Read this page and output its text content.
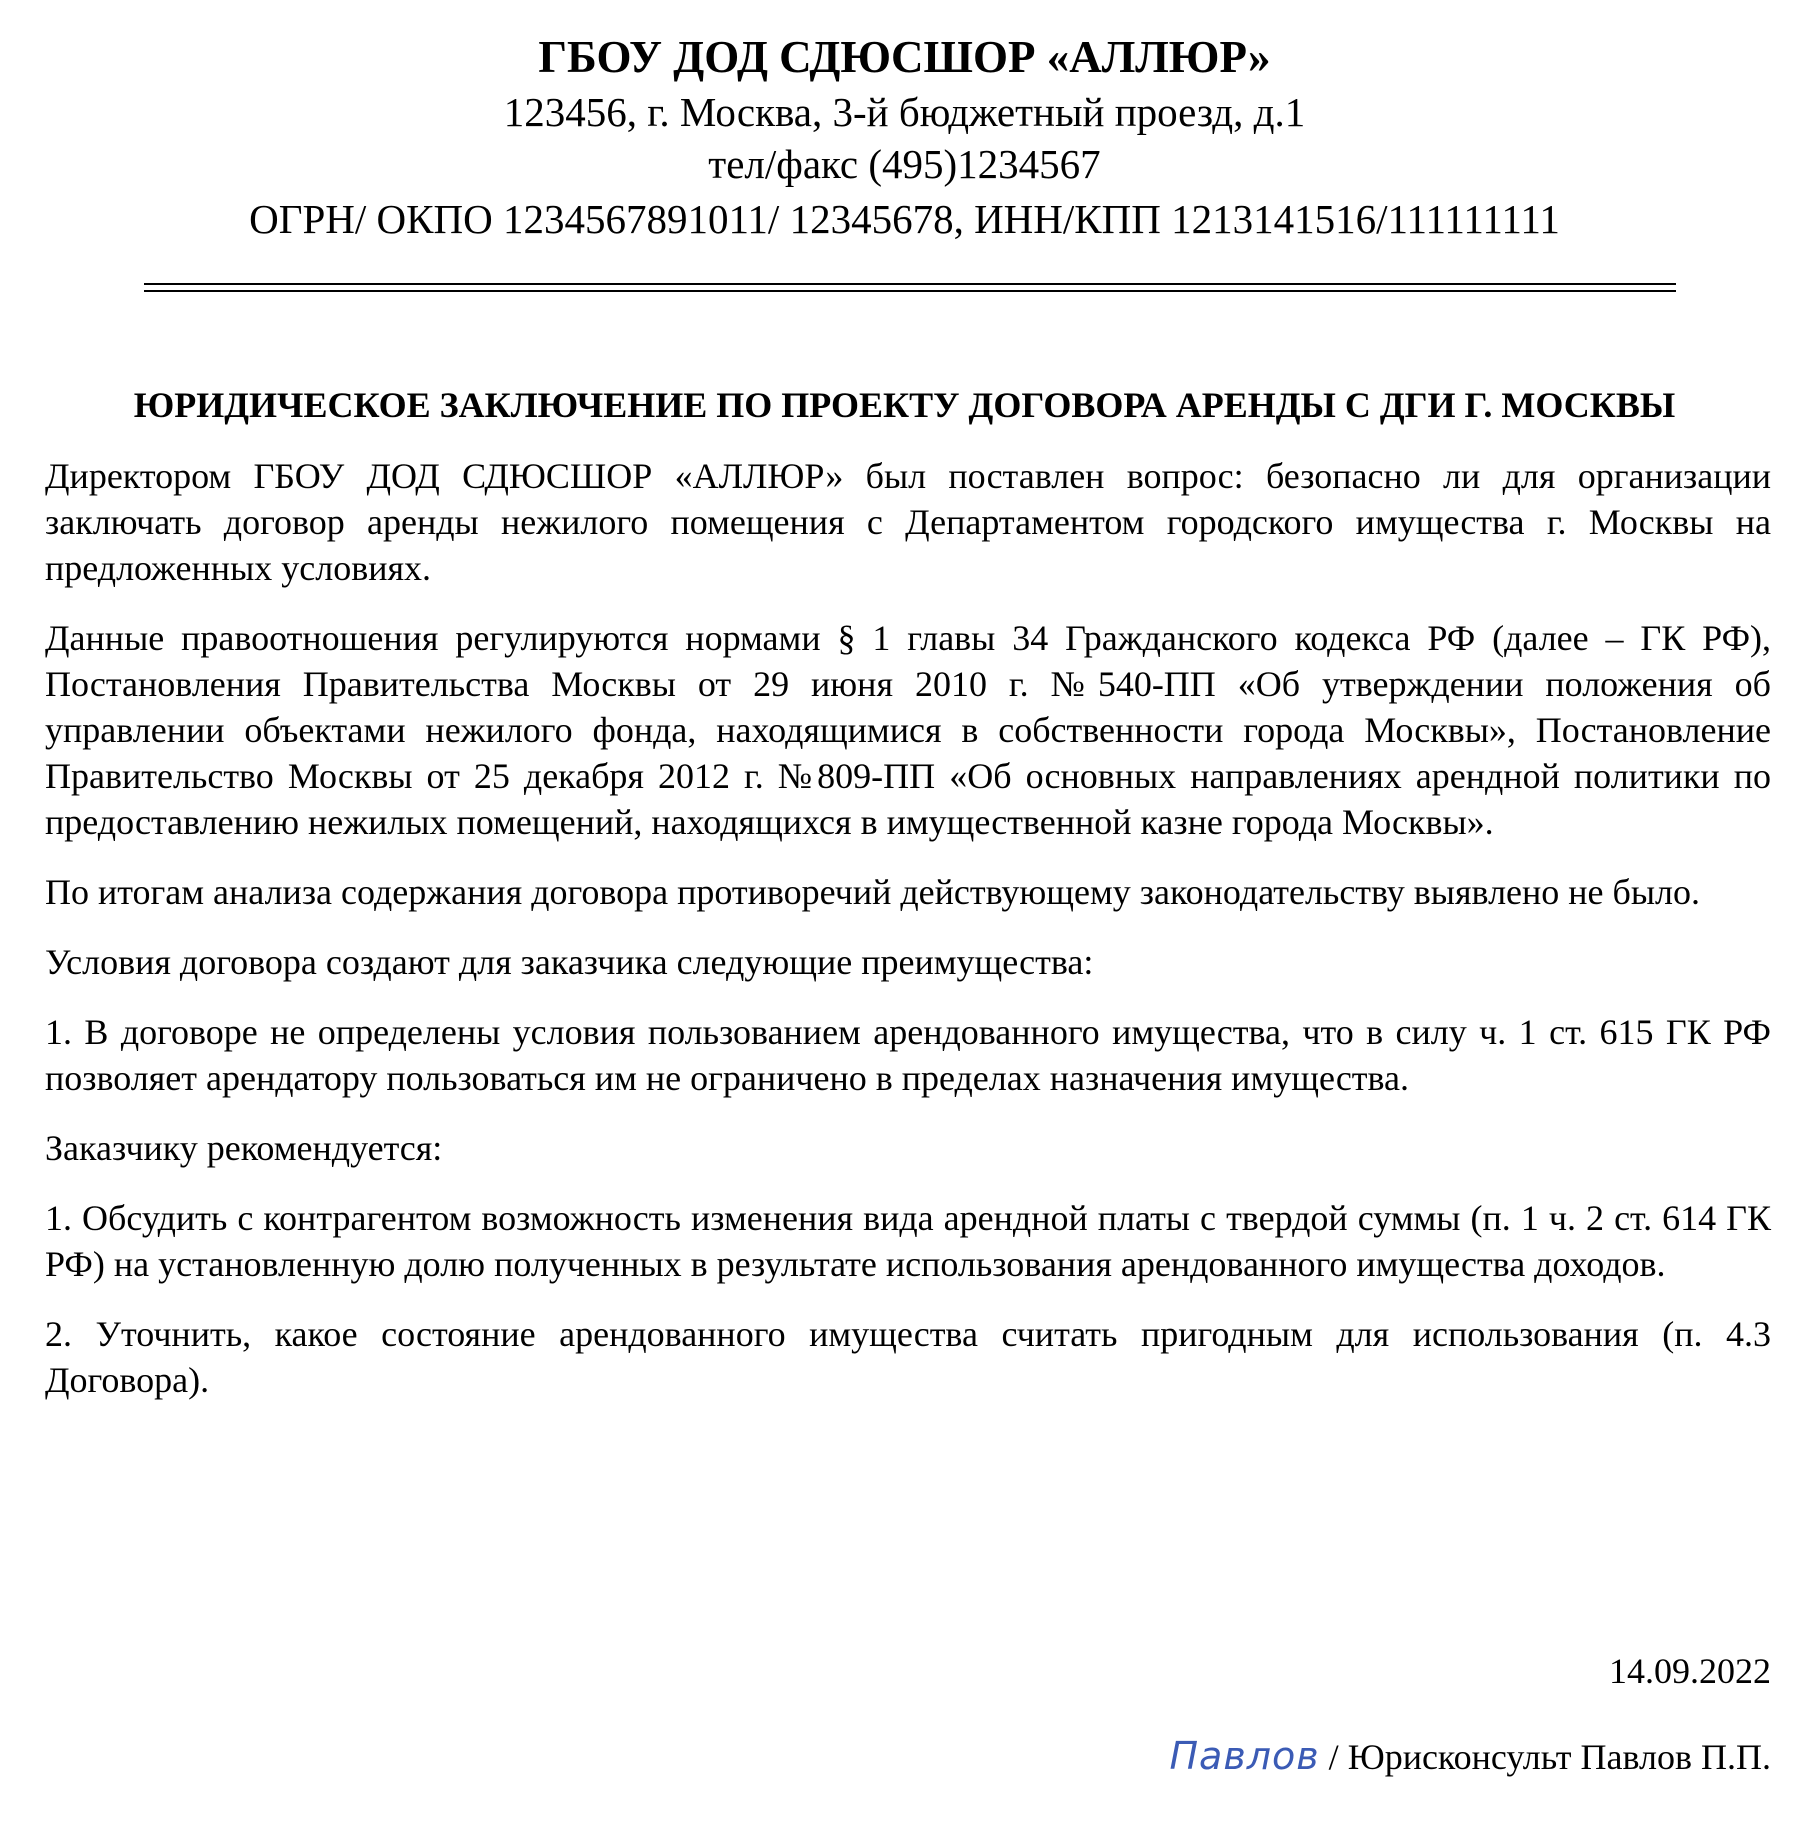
ГБОУ ДОД СДЮСШОР «АЛЛЮР»

123456, г. Москва, 3-й бюджетный проезд, д.1

тел/факс (495)1234567

ОГРН/ ОКПО 1234567891011/ 12345678, ИНН/КПП 1213141516/111111111

ЮРИДИЧЕСКОЕ ЗАКЛЮЧЕНИЕ ПО ПРОЕКТУ ДОГОВОРА АРЕНДЫ С ДГИ Г. МОСКВЫ

Директором ГБОУ ДОД СДЮСШОР «АЛЛЮР» был поставлен вопрос: безопасно ли для организации заключать договор аренды нежилого помещения с Департаментом городского имущества г. Москвы на предложенных условиях.

Данные правоотношения регулируются нормами § 1 главы 34 Гражданского кодекса РФ (далее – ГК РФ), Постановления Правительства Москвы от 29 июня 2010 г. №540-ПП «Об утверждении положения об управлении объектами нежилого фонда, находящимися в собственности города Москвы», Постановление Правительство Москвы от 25 декабря 2012 г. №809-ПП «Об основных направлениях арендной политики по предоставлению нежилых помещений, находящихся в имущественной казне города Москвы».

По итогам анализа содержания договора противоречий действующему законодательству выявлено не было.

Условия договора создают для заказчика следующие преимущества:

1. В договоре не определены условия пользованием арендованного имущества, что в силу ч. 1 ст. 615 ГК РФ позволяет арендатору пользоваться им не ограничено в пределах назначения имущества.

Заказчику рекомендуется:

1. Обсудить с контрагентом возможность изменения вида арендной платы с твердой суммы (п. 1 ч. 2 ст. 614 ГК РФ) на установленную долю полученных в результате использования арендованного имущества доходов.

2. Уточнить, какое состояние арендованного имущества считать пригодным для использования (п. 4.3 Договора).

14.09.2022
Павлов / Юрисконсульт Павлов П.П.
